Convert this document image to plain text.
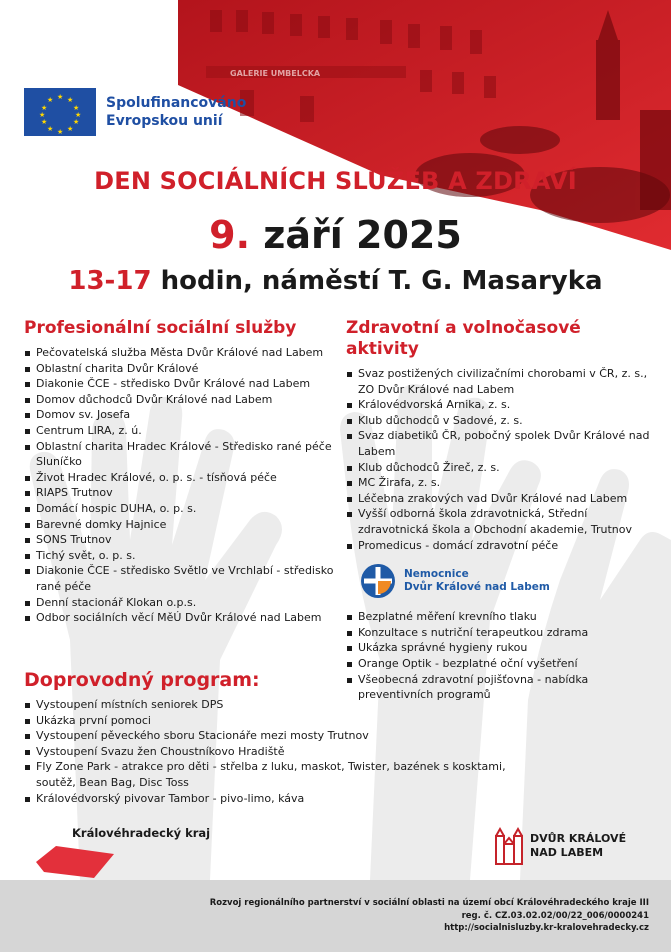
GALERIE UMBELCKA
★ ★
★
★
★
★
★
★
★
★
★
★	Spolufinancováno
Evropskou unií
DEN SOCIÁLNÍCH SLUŽEB A ZDRAVÍ
9. září 2025
13-17 hodin, náměstí T. G. Masaryka
Profesionální sociální služby
Pečovatelská služba Města Dvůr Králové nad Labem
Oblastní charita Dvůr Králové
Diakonie ČCE - středisko Dvůr Králové nad Labem
Domov důchodců Dvůr Králové nad Labem
Domov sv. Josefa
Centrum LIRA, z. ú.
Oblastní charita Hradec Králové - Středisko rané péče Sluníčko
Život Hradec Králové, o. p. s. - tísňová péče
RIAPS Trutnov
Domácí hospic DUHA, o. p. s.
Barevné domky Hajnice
SONS Trutnov
Tichý svět, o. p. s.
Diakonie ČCE - středisko Světlo ve Vrchlabí - středisko rané péče
Denní stacionář Klokan o.p.s.
Odbor sociálních věcí MěÚ Dvůr Králové nad Labem
Zdravotní a volnočasové aktivity
Svaz postižených civilizačními chorobami v ČR, z. s., ZO Dvůr Králové nad Labem
Královédvorská Arnika, z. s.
Klub důchodců v Sadové, z. s.
Svaz diabetiků ČR, pobočný spolek Dvůr Králové nad Labem
Klub důchodců Žireč, z. s.
MC Žirafa, z. s.
Léčebna zrakových vad Dvůr Králové nad Labem
Vyšší odborná škola zdravotnická, Střední zdravotnická škola a Obchodní akademie, Trutnov
Promedicus - domácí zdravotní péče
Nemocnice
Dvůr Králové nad Labem
Bezplatné měření krevního tlaku
Konzultace s nutriční terapeutkou zdrama
Ukázka správné hygieny rukou
Orange Optik - bezplatné oční vyšetření
Všeobecná zdravotní pojišťovna - nabídka preventivních programů
Doprovodný program:
Vystoupení místních seniorek DPS
Ukázka první pomoci
Vystoupení pěveckého sboru Stacionáře mezi mosty Trutnov
Vystoupení Svazu žen Choustníkovo Hradiště
Fly Zone Park - atrakce pro děti - střelba z luku, maskot, Twister, bazének s kosktami, soutěž, Bean Bag, Disc Toss
Královédvorský pivovar Tambor - pivo-limo, káva
Královéhradecký kraj	DVŮR KRÁLOVÉ
NAD LABEM
Rozvoj regionálního partnerství v sociální oblasti na území obcí Královéhradeckého kraje III
reg. č. CZ.03.02.02/00/22_006/0000241
http://socialnisluzby.kr-kralovehradecky.cz
